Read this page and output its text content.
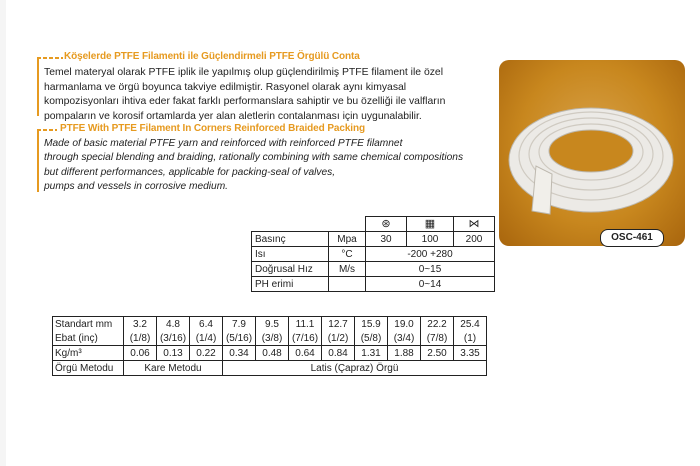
Köşelerde PTFE Filamenti ile Güçlendirmeli PTFE Örgülü Conta
Temel materyal olarak PTFE iplik ile yapılmış olup güçlendirilmiş PTFE filament ile özel
harmanlama ve örgü boyunca takviye edilmiştir. Rasyonel olarak aynı kimyasal
kompozisyonları ihtiva eder fakat farklı performanslara sahiptir ve bu özelliği ile valfların
pompaların ve korosif ortamlarda yer alan aletlerin contalanması için uygunalabilir.
PTFE With PTFE Filament In Corners Reinforced Braided Packing
Made of basic material PTFE yarn and reinforced with reinforced PTFE filamnet
through special blending and braiding, rationally combining with same chemical compositions
but different performances, applicable for packing-seal of valves,
pumps and vessels in corrosive medium.
OSC-461
		⊛	▦	⋈
Basınç	Mpa	30	100	200
Isı	°C	-200 +280		
Doğrusal Hız	M/s	0~15		
PH erimi		0~14		
Standart mm	3.2	4.8	6.4	7.9	9.5	11.1	12.7	15.9	19.0	22.2	25.4
Ebat (inç)	(1/8)	(3/16)	(1/4)	(5/16)	(3/8)	(7/16)	(1/2)	(5/8)	(3/4)	(7/8)	(1)
Kg/m³	0.06	0.13	0.22	0.34	0.48	0.64	0.84	1.31	1.88	2.50	3.35
Örgü Metodu	Kare Metodu			Latis (Çapraz) Örgü							
